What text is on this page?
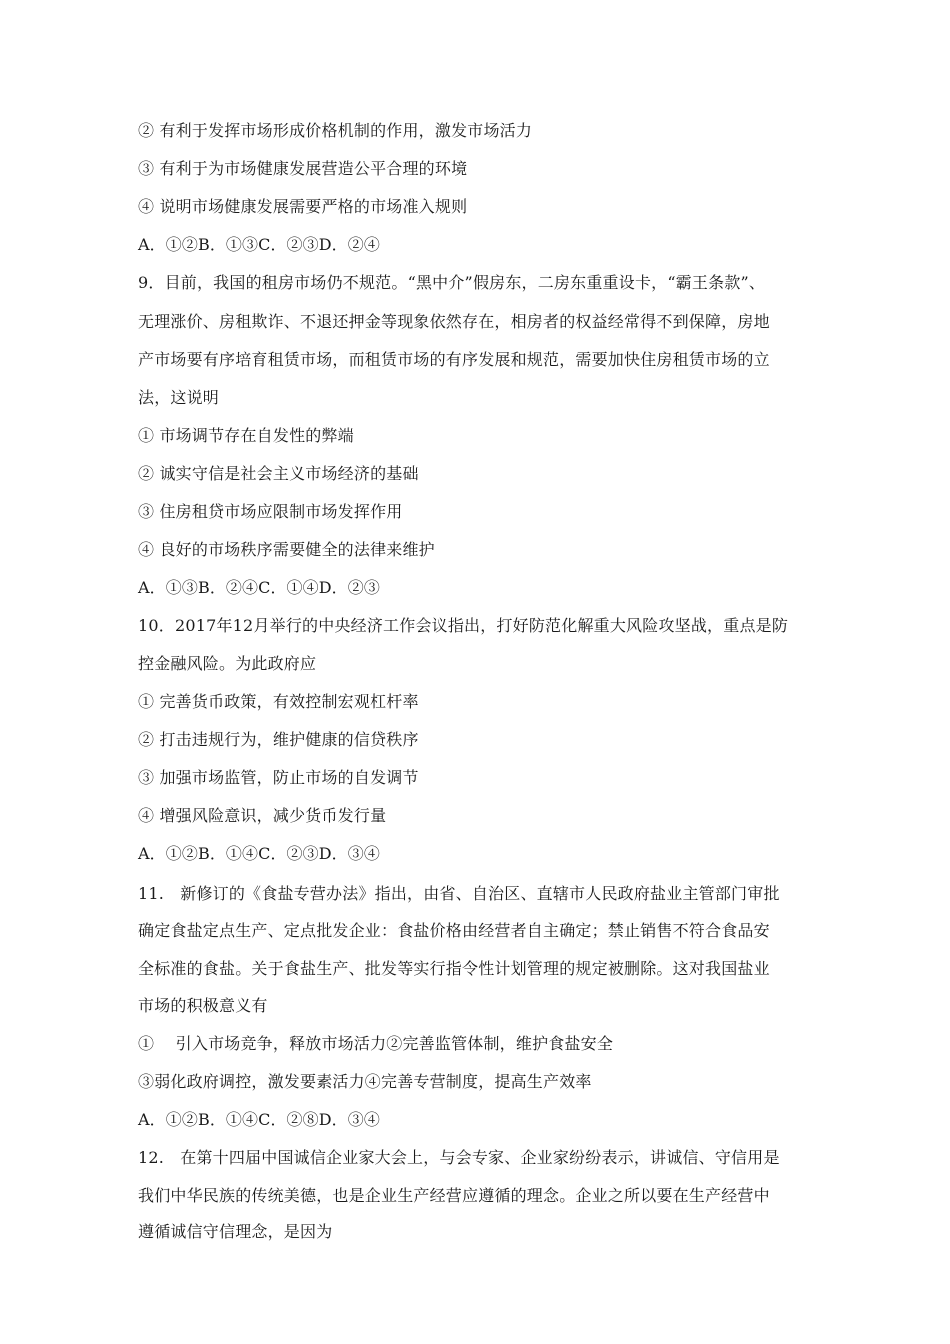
② 有利于发挥市场形成价格机制的作用，激发市场活力
③ 有利于为市场健康发展营造公平合理的环境
④ 说明市场健康发展需要严格的市场准入规则
A．①②B．①③C．②③D．②④
9．目前，我国的租房市场仍不规范。“黑中介”假房东，二房东重重设卡，“霸王条款”、
无理涨价、房租欺诈、不退还押金等现象依然存在，相房者的权益经常得不到保障，房地
产市场要有序培育租赁市场，而租赁市场的有序发展和规范，需要加快住房租赁市场的立
法，这说明
① 市场调节存在自发性的弊端
② 诚实守信是社会主义市场经济的基础
③ 住房租贷市场应限制市场发挥作用
④ 良好的市场秩序需要健全的法律来维护
A．①③B．②④C．①④D．②③
10．2017年12月举行的中央经济工作会议指出，打好防范化解重大风险攻坚战，重点是防
控金融风险。为此政府应
① 完善货币政策，有效控制宏观杠杆率
② 打击违规行为，维护健康的信贷秩序
③ 加强市场监管，防止市场的自发调节
④ 增强风险意识，减少货币发行量
A．①②B．①④C．②③D．③④
11.　新修订的《食盐专营办法》指出，由省、自治区、直辖市人民政府盐业主管部门审批
确定食盐定点生产、定点批发企业：食盐价格由经营者自主确定；禁止销售不符合食品安
全标准的食盐。关于食盐生产、批发等实行指令性计划管理的规定被删除。这对我国盐业
市场的积极意义有
①　 引入市场竞争，释放市场活力②完善监管体制，维护食盐安全
③弱化政府调控，激发要素活力④完善专营制度，提高生产效率
A．①②B．①④C．②⑧D．③④
12.　在第十四届中国诚信企业家大会上，与会专家、企业家纷纷表示，讲诚信、守信用是
我们中华民族的传统美德，也是企业生产经营应遵循的理念。企业之所以要在生产经营中
遵循诚信守信理念，是因为
